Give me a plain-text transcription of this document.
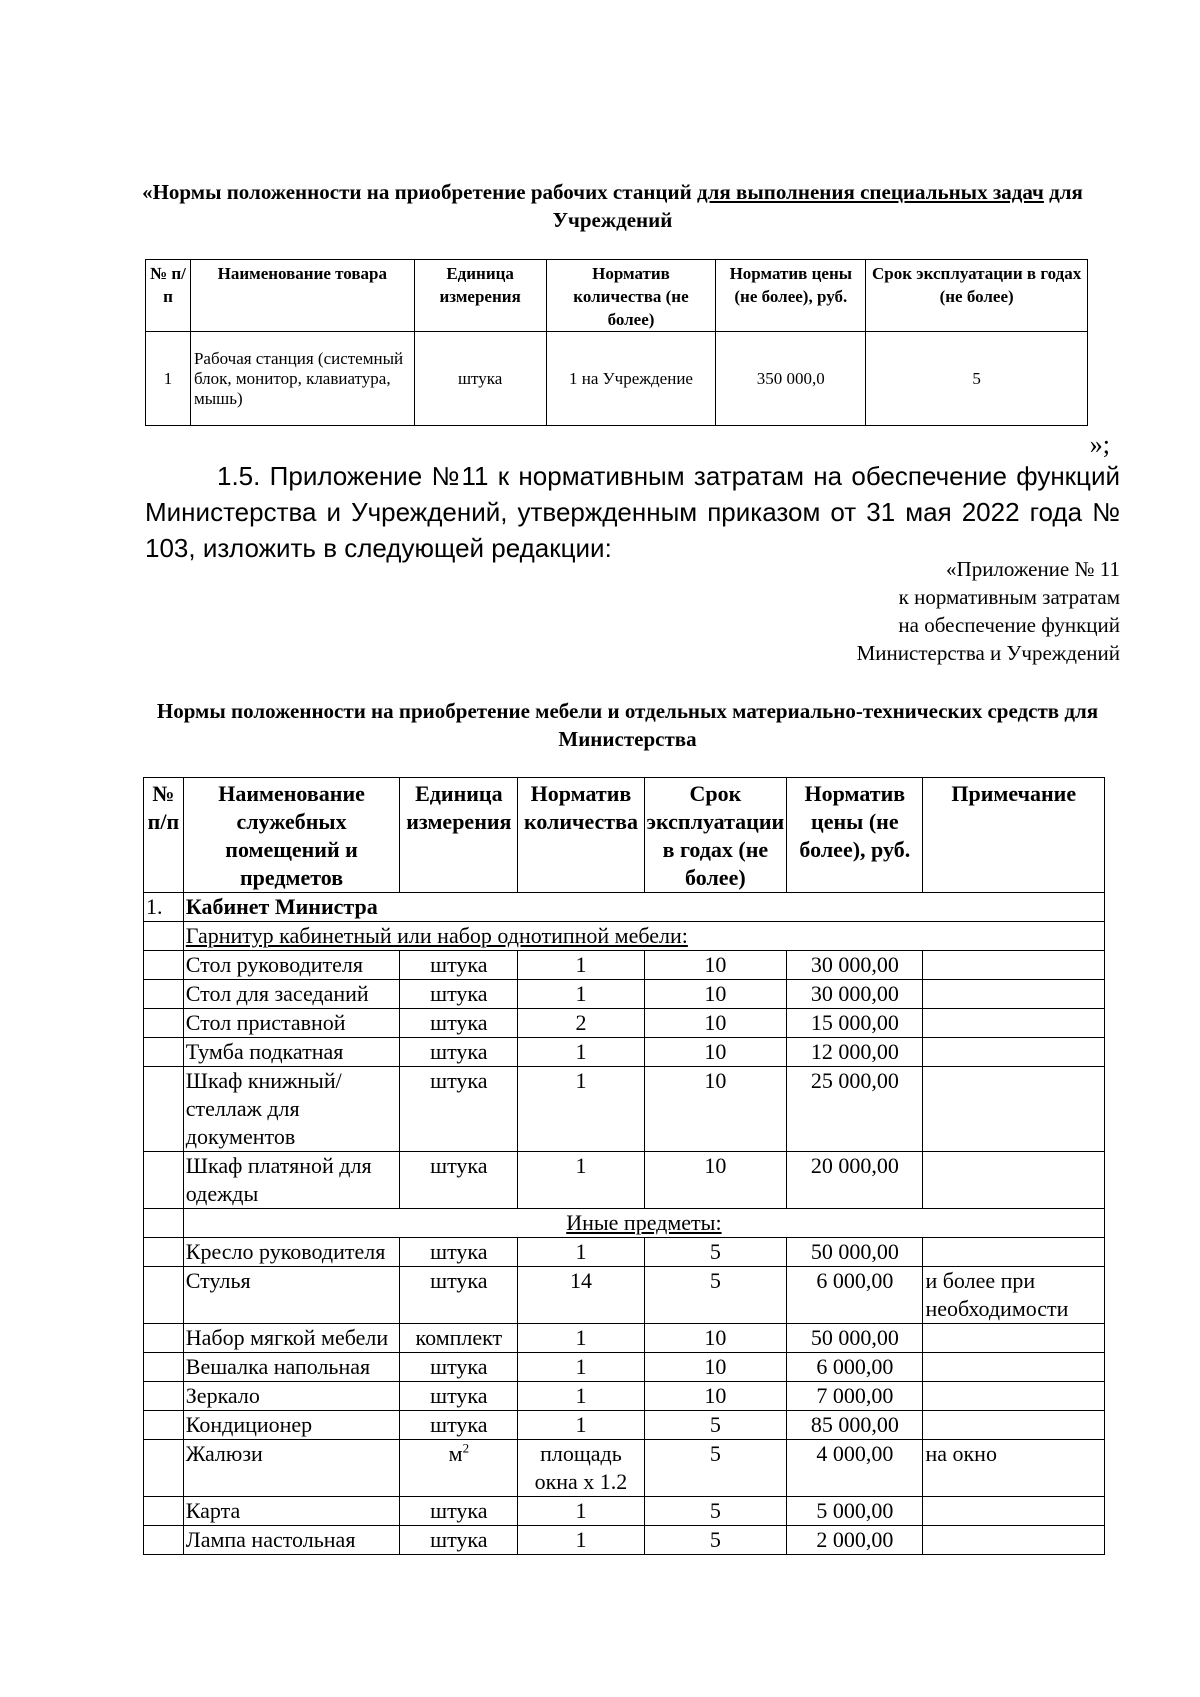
«Нормы положенности на приобретение рабочих станций для выполнения специальных задач для Учреждений
№ п/п	Наименование товара	Единица измерения	Норматив количества (не более)	Норматив цены (не более), руб.	Срок эксплуатации в годах (не более)
1	Рабочая станция (системный блок, монитор, клавиатура, мышь)	штука	1 на Учреждение	350 000,0	5
»;
1.5. Приложение №11 к нормативным затратам на обеспечение функций Министерства и Учреждений, утвержденным приказом от 31 мая 2022 года № 103, изложить в следующей редакции:
«Приложение № 11
к нормативным затратам
на обеспечение функций
Министерства и Учреждений
Нормы положенности на приобретение мебели и отдельных материально-технических средств для Министерства
№ п/п	Наименование служебных помещений и предметов	Единица измерения	Норматив количества	Срок эксплуатации в годах (не более)	Норматив цены (не более), руб.	Примечание
1.	Кабинет Министра					
	Гарнитур кабинетный или набор однотипной мебели:					
	Стол руководителя	штука	1	10	30 000,00	
	Стол для заседаний	штука	1	10	30 000,00	
	Стол приставной	штука	2	10	15 000,00	
	Тумба подкатная	штука	1	10	12 000,00	
	Шкаф книжный/стеллаж для документов	штука	1	10	25 000,00	
	Шкаф платяной для одежды	штука	1	10	20 000,00	
	Иные предметы:					
	Кресло руководителя	штука	1	5	50 000,00	
	Стулья	штука	14	5	6 000,00	и более при необходимости
	Набор мягкой мебели	комплект	1	10	50 000,00	
	Вешалка напольная	штука	1	10	6 000,00	
	Зеркало	штука	1	10	7 000,00	
	Кондиционер	штука	1	5	85 000,00	
	Жалюзи	$м^2$	площадь окна х 1.2	5	4 000,00	на окно
	Карта	штука	1	5	5 000,00	
	Лампа настольная	штука	1	5	2 000,00	
